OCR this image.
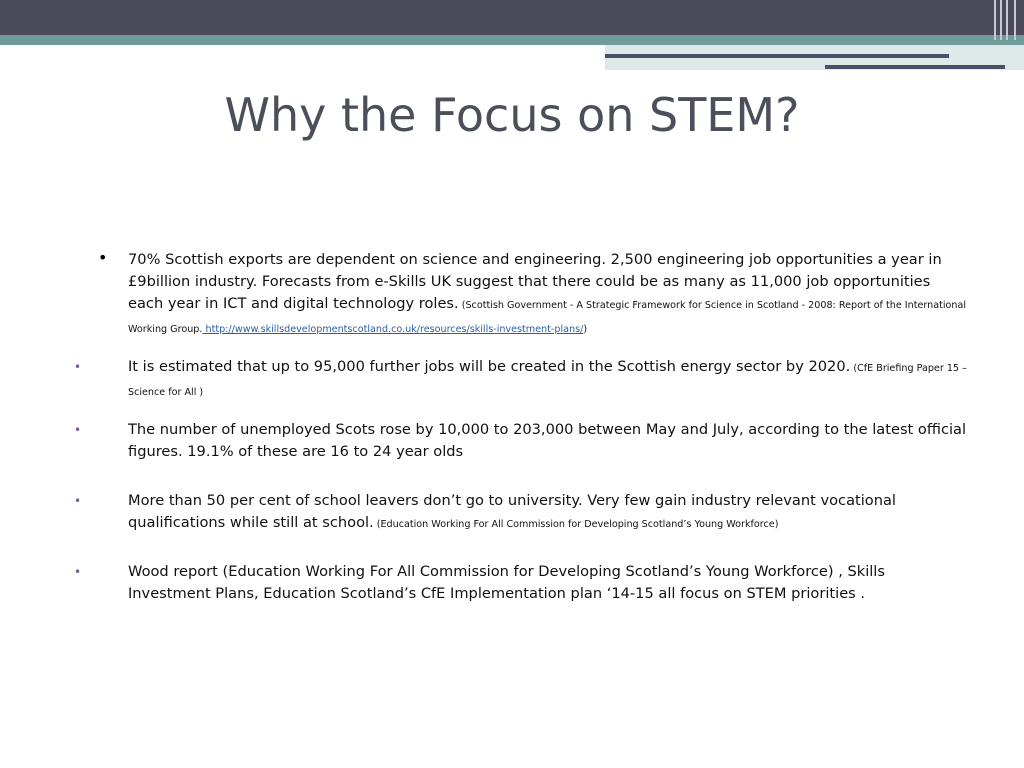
Why the Focus on STEM?
• 70% Scottish exports are dependent on science and engineering. 2,500 engineering job opportunities a year in £9billion industry. Forecasts from e-Skills UK suggest that there could be as many as 11,000 job opportunities each year in ICT and digital technology roles. (Scottish Government - A Strategic Framework for Science in Scotland - 2008: Report of the International Working Group. http://www.skillsdevelopmentscotland.co.uk/resources/skills-investment-plans/)
•	It is estimated that up to 95,000 further jobs will be created in the Scottish energy sector by 2020. (CfE Briefing Paper 15 – Science for All )
•	The number of unemployed Scots rose by 10,000 to 203,000 between May and July, according to the latest official figures. 19.1% of these are 16 to 24 year olds
•	More than 50 per cent of school leavers don’t go to university. Very few gain industry relevant vocational qualifications while still at school. (Education Working For All Commission for Developing Scotland’s Young Workforce)
•	Wood report (Education Working For All Commission for Developing Scotland’s Young Workforce) , Skills Investment Plans, Education Scotland’s CfE Implementation plan ‘14-15 all focus on STEM priorities .
